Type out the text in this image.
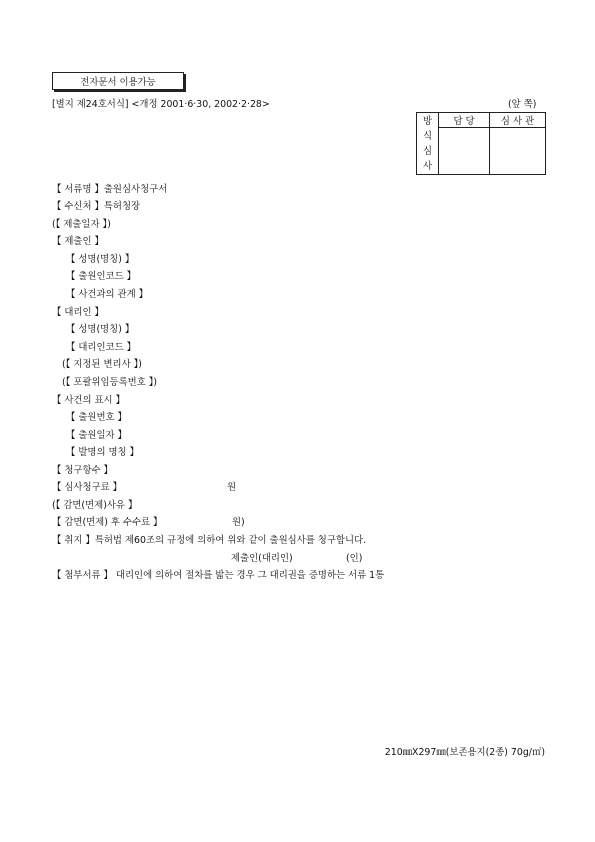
전자문서 이용가능
[별지 제24호서식] <개정 2001·6·30, 2002·2·28>	(앞 쪽)
방
식
심
사	담 당	심 사 관

【 서류명 】출원심사청구서
【 수신처 】특허청장
(【 제출일자 】)
【 제출인 】
【 성명(명칭) 】
【 출원인코드 】
【 사건과의 관계 】
【 대리인 】
【 성명(명칭) 】
【 대리인코드 】
(【 지정된 변리사 】)
(【 포괄위임등록번호 】)
【 사건의 표시 】
【 출원번호 】
【 출원일자 】
【 발명의 명칭 】
【 청구항수 】
【 심사청구료 】	원
(【 감면(면제)사유 】
【 감면(면제) 후 수수료 】	원)
【 취지 】특허법 제60조의 규정에 의하여 위와 같이 출원심사를 청구합니다.
제출인(대리인)	(인)
【 첨부서류 】 대리인에 의하여 절차를 밟는 경우 그 대리권을 증명하는 서류 1통
210㎜X297㎜(보존용지(2종) 70g/㎡)
